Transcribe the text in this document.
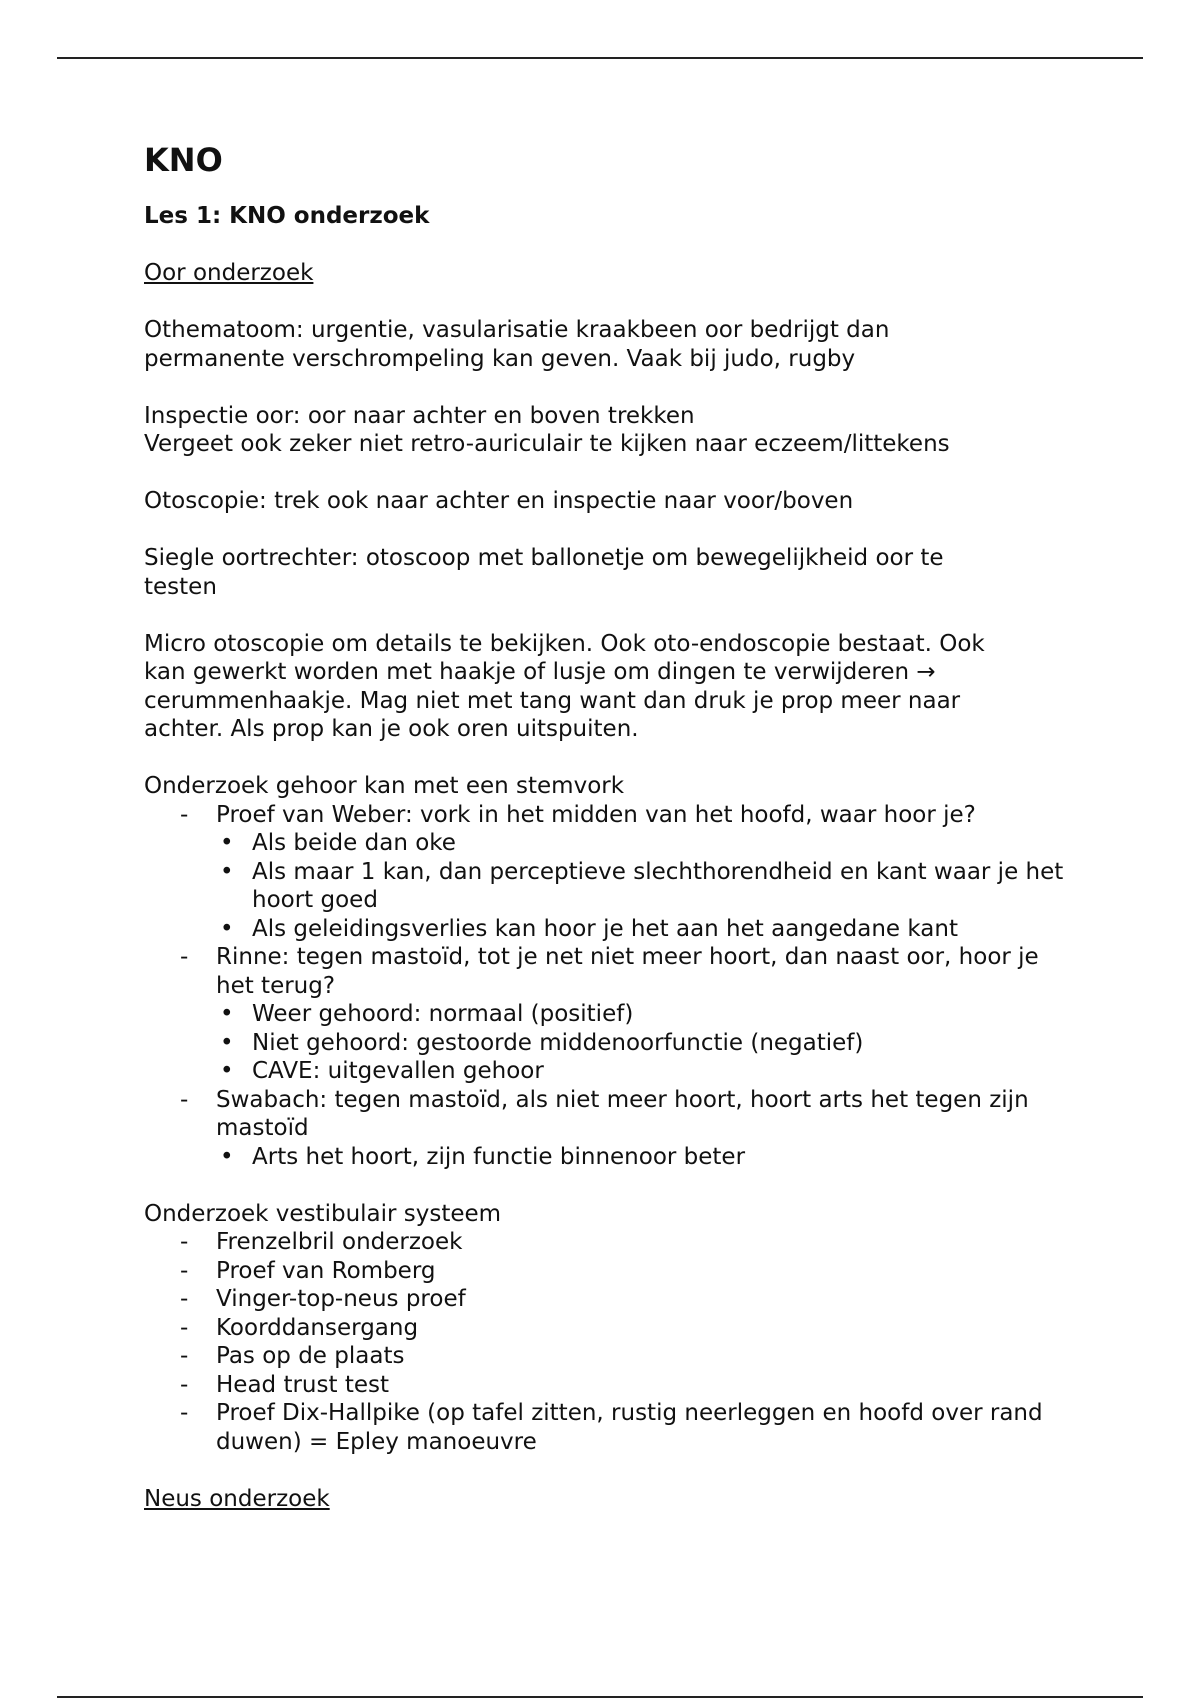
KNO
Les 1: KNO onderzoek
Oor onderzoek
Othematoom: urgentie, vasularisatie kraakbeen oor bedrijgt dan
permanente verschrompeling kan geven. Vaak bij judo, rugby
Inspectie oor: oor naar achter en boven trekken
Vergeet ook zeker niet retro-auriculair te kijken naar eczeem/littekens
Otoscopie: trek ook naar achter en inspectie naar voor/boven
Siegle oortrechter: otoscoop met ballonetje om bewegelijkheid oor te
testen
Micro otoscopie om details te bekijken. Ook oto-endoscopie bestaat. Ook
kan gewerkt worden met haakje of lusje om dingen te verwijderen →
cerummenhaakje. Mag niet met tang want dan druk je prop meer naar
achter. Als prop kan je ook oren uitspuiten.
Onderzoek gehoor kan met een stemvork
- Proef van Weber: vork in het midden van het hoofd, waar hoor je?
• Als beide dan oke
• Als maar 1 kan, dan perceptieve slechthorendheid en kant waar je het hoort goed
• Als geleidingsverlies kan hoor je het aan het aangedane kant
- Rinne: tegen mastoïd, tot je net niet meer hoort, dan naast oor, hoor je het terug?
• Weer gehoord: normaal (positief)
• Niet gehoord: gestoorde middenoorfunctie (negatief)
• CAVE: uitgevallen gehoor
- Swabach: tegen mastoïd, als niet meer hoort, hoort arts het tegen zijn mastoïd
• Arts het hoort, zijn functie binnenoor beter
Onderzoek vestibulair systeem
- Frenzelbril onderzoek
- Proef van Romberg
- Vinger-top-neus proef
- Koorddansergang
- Pas op de plaats
- Head trust test
- Proef Dix-Hallpike (op tafel zitten, rustig neerleggen en hoofd over rand duwen) = Epley manoeuvre
Neus onderzoek
